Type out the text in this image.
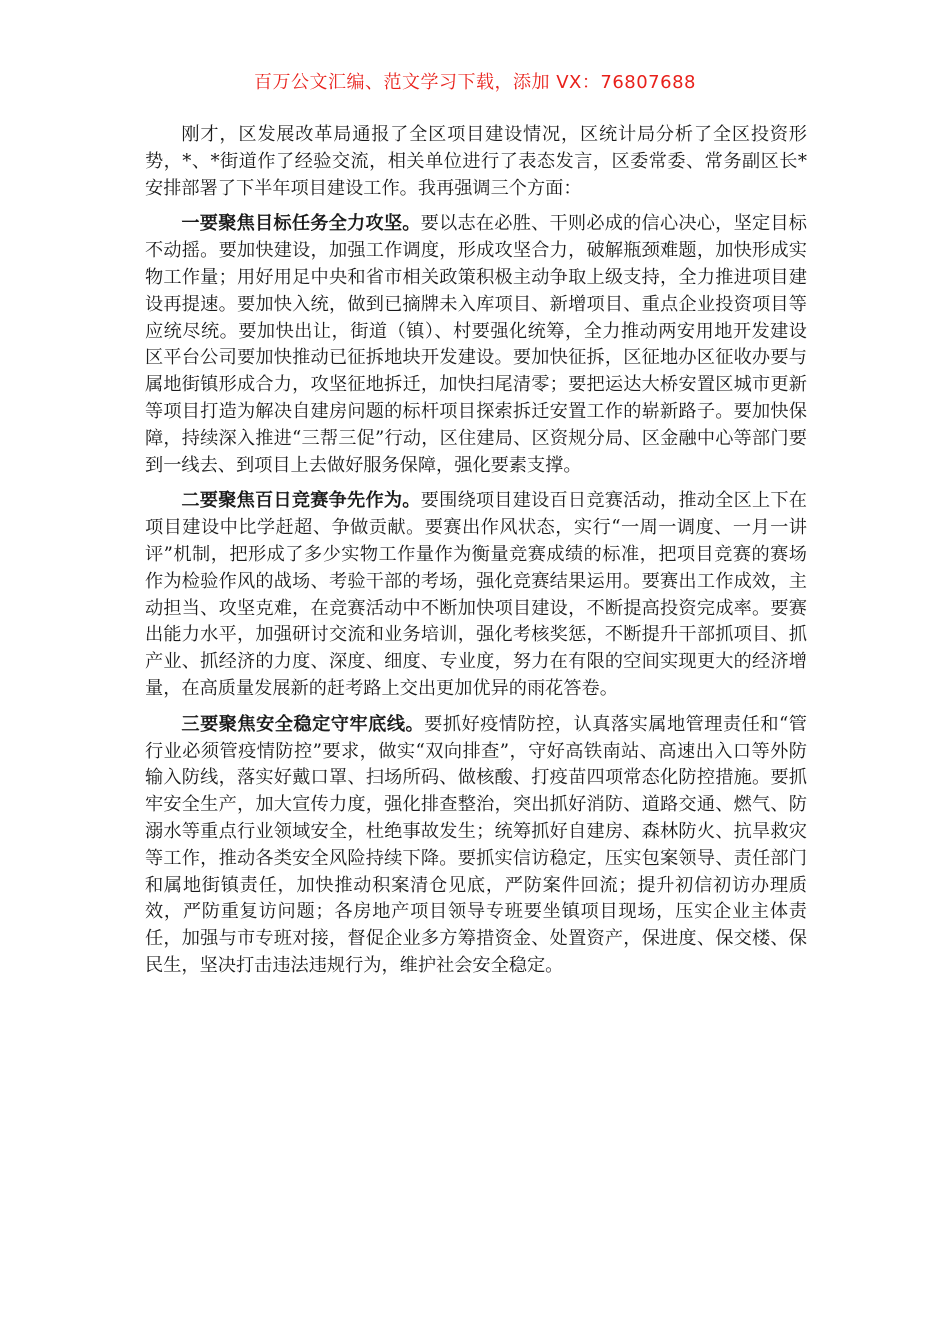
百万公文汇编、范文学习下载，添加 VX：76807688

刚才，区发展改革局通报了全区项目建设情况，区统计局分析了全区投资形势，*、*街道作了经验交流，相关单位进行了表态发言，区委常委、常务副区长*安排部署了下半年项目建设工作。我再强调三个方面：

一要聚焦目标任务全力攻坚。要以志在必胜、干则必成的信心决心，坚定目标不动摇。要加快建设，加强工作调度，形成攻坚合力，破解瓶颈难题，加快形成实物工作量；用好用足中央和省市相关政策积极主动争取上级支持，全力推进项目建设再提速。要加快入统，做到已摘牌未入库项目、新增项目、重点企业投资项目等应统尽统。要加快出让，街道（镇）、村要强化统筹，全力推动两安用地开发建设区平台公司要加快推动已征拆地块开发建设。要加快征拆，区征地办区征收办要与属地街镇形成合力，攻坚征地拆迁，加快扫尾清零；要把运达大桥安置区城市更新等项目打造为解决自建房问题的标杆项目探索拆迁安置工作的崭新路子。要加快保障，持续深入推进“三帮三促”行动，区住建局、区资规分局、区金融中心等部门要到一线去、到项目上去做好服务保障，强化要素支撑。

二要聚焦百日竞赛争先作为。要围绕项目建设百日竞赛活动，推动全区上下在项目建设中比学赶超、争做贡献。要赛出作风状态，实行“一周一调度、一月一讲评”机制，把形成了多少实物工作量作为衡量竞赛成绩的标准，把项目竞赛的赛场作为检验作风的战场、考验干部的考场，强化竞赛结果运用。要赛出工作成效，主动担当、攻坚克难，在竞赛活动中不断加快项目建设，不断提高投资完成率。要赛出能力水平，加强研讨交流和业务培训，强化考核奖惩，不断提升干部抓项目、抓产业、抓经济的力度、深度、细度、专业度，努力在有限的空间实现更大的经济增量，在高质量发展新的赶考路上交出更加优异的雨花答卷。

三要聚焦安全稳定守牢底线。要抓好疫情防控，认真落实属地管理责任和“管行业必须管疫情防控”要求，做实“双向排查”，守好高铁南站、高速出入口等外防输入防线，落实好戴口罩、扫场所码、做核酸、打疫苗四项常态化防控措施。要抓牢安全生产，加大宣传力度，强化排查整治，突出抓好消防、道路交通、燃气、防溺水等重点行业领域安全，杜绝事故发生；统筹抓好自建房、森林防火、抗旱救灾等工作，推动各类安全风险持续下降。要抓实信访稳定，压实包案领导、责任部门和属地街镇责任，加快推动积案清仓见底，严防案件回流；提升初信初访办理质效，严防重复访问题；各房地产项目领导专班要坐镇项目现场，压实企业主体责任，加强与市专班对接，督促企业多方筹措资金、处置资产，保进度、保交楼、保民生，坚决打击违法违规行为，维护社会安全稳定。
